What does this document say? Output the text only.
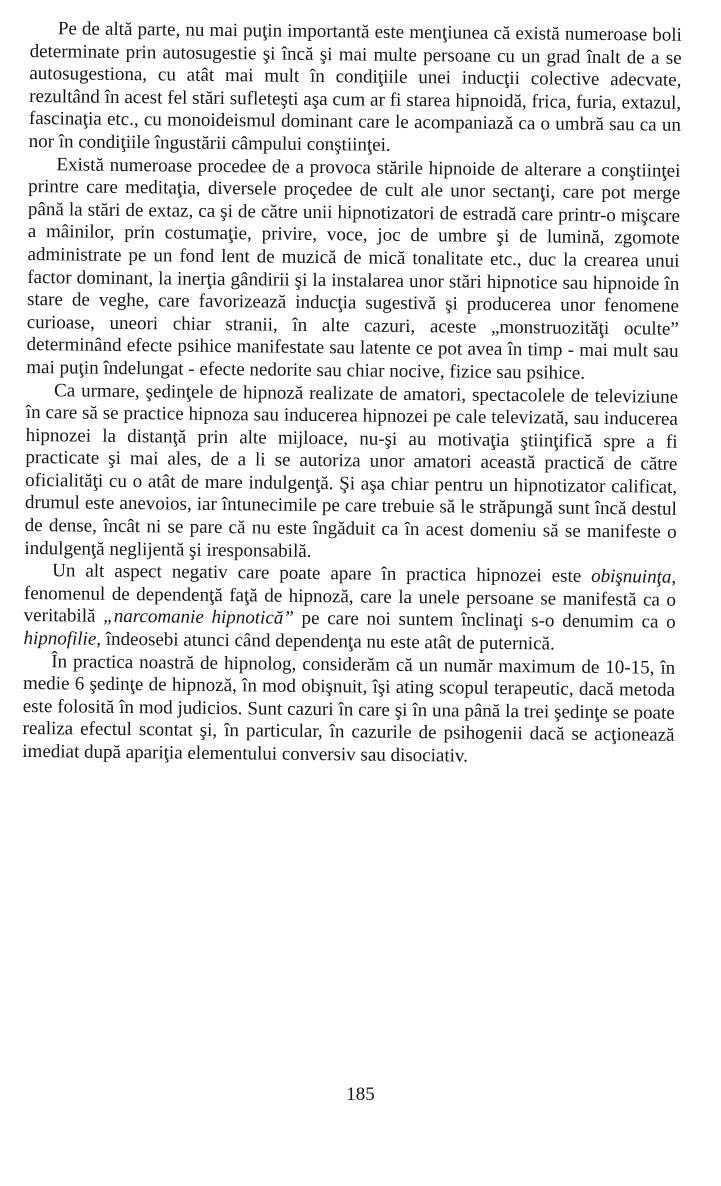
Pe de altă parte, nu mai puţin importantă este menţiunea că există numeroase boli determinate prin autosugestie şi încă şi mai multe persoane cu un grad înalt de a se autosugestiona, cu atât mai mult în condiţiile unei inducţii colective adecvate, rezultând în acest fel stări sufleteşti aşa cum ar fi starea hipnoidă, frica, furia, extazul, fascinaţia etc., cu monoideismul dominant care le acompaniază ca o umbră sau ca un nor în condiţiile îngustării câmpului conştiinţei.

Există numeroase procedee de a provoca stările hipnoide de alterare a conştiinţei printre care meditaţia, diversele proçedee de cult ale unor sectanţi, care pot merge până la stări de extaz, ca şi de către unii hipnotizatori de estradă care printr-o mişcare a mâinilor, prin costumaţie, privire, voce, joc de umbre şi de lumină, zgomote administrate pe un fond lent de muzică de mică tonalitate etc., duc la crearea unui factor dominant, la inerţia gândirii şi la instalarea unor stări hipnotice sau hipnoide în stare de veghe, care favorizează inducţia sugestivă şi producerea unor fenomene curioase, uneori chiar stranii, în alte cazuri, aceste „monstruozităţi oculte” determinând efecte psihice manifestate sau latente ce pot avea în timp - mai mult sau mai puţin îndelungat - efecte nedorite sau chiar nocive, fizice sau psihice.

Ca urmare, şedinţele de hipnoză realizate de amatori, spectacolele de televiziune în care să se practice hipnoza sau inducerea hipnozei pe cale televizată, sau inducerea hipnozei la distanţă prin alte mijloace, nu-şi au motivaţia ştiinţifică spre a fi practicate şi mai ales, de a li se autoriza unor amatori această practică de către oficialităţi cu o atât de mare indulgenţă. Şi aşa chiar pentru un hipnotizator calificat, drumul este anevoios, iar întunecimile pe care trebuie să le străpungă sunt încă destul de dense, încât ni se pare că nu este îngăduit ca în acest domeniu să se manifeste o indulgenţă neglijentă şi iresponsabilă.

Un alt aspect negativ care poate apare în practica hipnozei este obişnuinţa, fenomenul de dependenţă faţă de hipnoză, care la unele persoane se manifestă ca o veritabilă „narcomanie hipnotică” pe care noi suntem înclinaţi s-o denumim ca o hipnofilie, îndeosebi atunci când dependenţa nu este atât de puternică.

În practica noastră de hipnolog, considerăm că un număr maximum de 10-15, în medie 6 şedinţe de hipnoză, în mod obişnuit, îşi ating scopul terapeutic, dacă metoda este folosită în mod judicios. Sunt cazuri în care şi în una până la trei şedinţe se poate realiza efectul scontat şi, în particular, în cazurile de psihogenii dacă se acţionează imediat după apariţia elementului conversiv sau disociativ.

185
